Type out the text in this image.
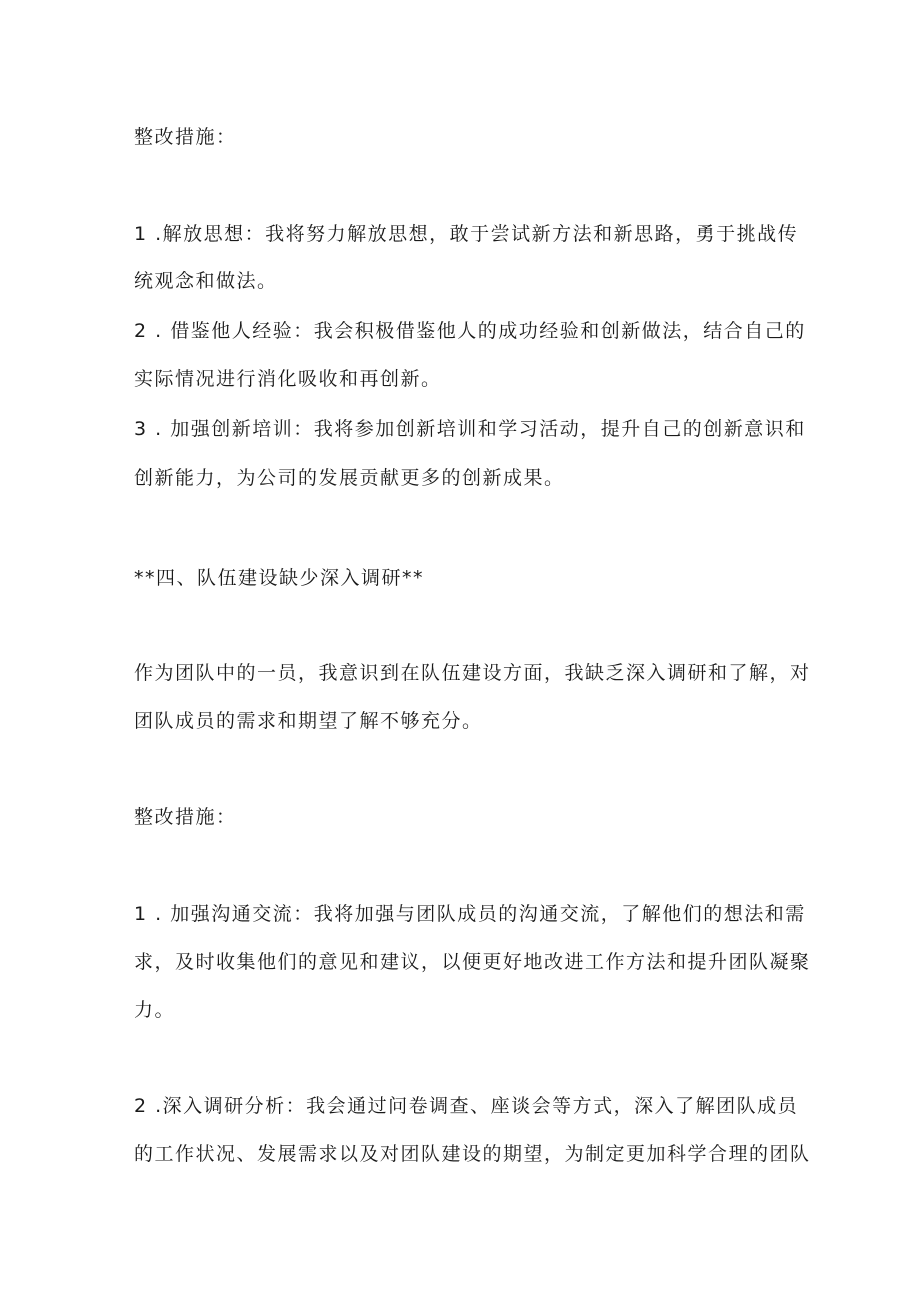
整改措施：
1 .解放思想：我将努力解放思想，敢于尝试新方法和新思路，勇于挑战传
统观念和做法。
2 . 借鉴他人经验：我会积极借鉴他人的成功经验和创新做法，结合自己的
实际情况进行消化吸收和再创新。
3 . 加强创新培训：我将参加创新培训和学习活动，提升自己的创新意识和
创新能力，为公司的发展贡献更多的创新成果。
**四、队伍建设缺少深入调研**
作为团队中的一员，我意识到在队伍建设方面，我缺乏深入调研和了解，对
团队成员的需求和期望了解不够充分。
整改措施：
1 . 加强沟通交流：我将加强与团队成员的沟通交流，了解他们的想法和需
求，及时收集他们的意见和建议，以便更好地改进工作方法和提升团队凝聚
力。
2 .深入调研分析：我会通过问卷调查、座谈会等方式，深入了解团队成员
的工作状况、发展需求以及对团队建设的期望，为制定更加科学合理的团队
